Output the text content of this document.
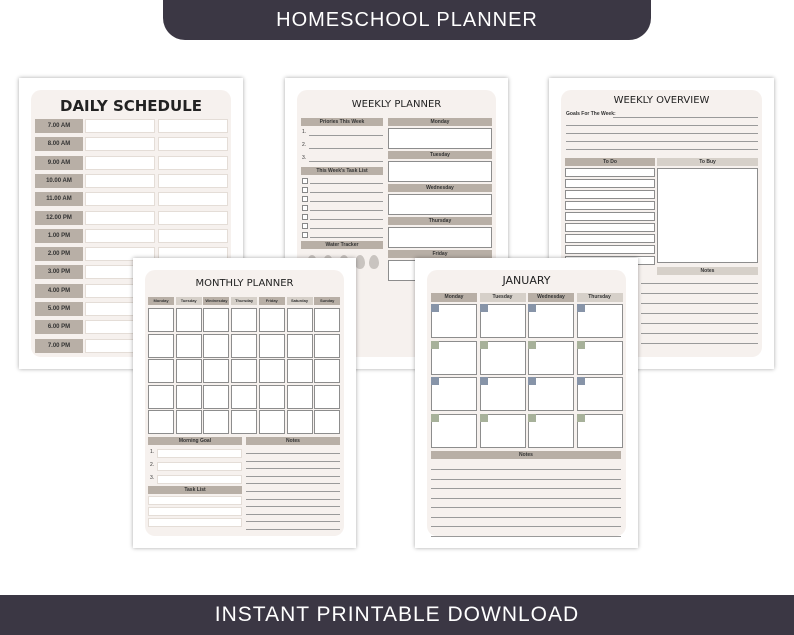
HOMESCHOOL PLANNER
WEEKLY OVERVIEW
Goals For The Week:
To Do	To Buy
Notes
WEEKLY PLANNER
Priories This Week
1.
2.
3.
This Week's Task List
Water Tracker
Monday
Tuesday
Wednesday
Thursday
Friday
DAILY SCHEDULE
7.00 AM
8.00 AM
9.00 AM
10.00 AM
11.00 AM
12.00 PM
1.00 PM
2.00 PM
3.00 PM
4.00 PM
5.00 PM
6.00 PM
7.00 PM
MONTHLY PLANNER
Monday	Tuesday	Wednesday	Thursday	Friday	Saturday	Sunday
Morning Goal	Notes
1.
2.
3.
Task List
JANUARY
Monday	Tuesday	Wednesday	Thursday
Notes
INSTANT PRINTABLE DOWNLOAD
